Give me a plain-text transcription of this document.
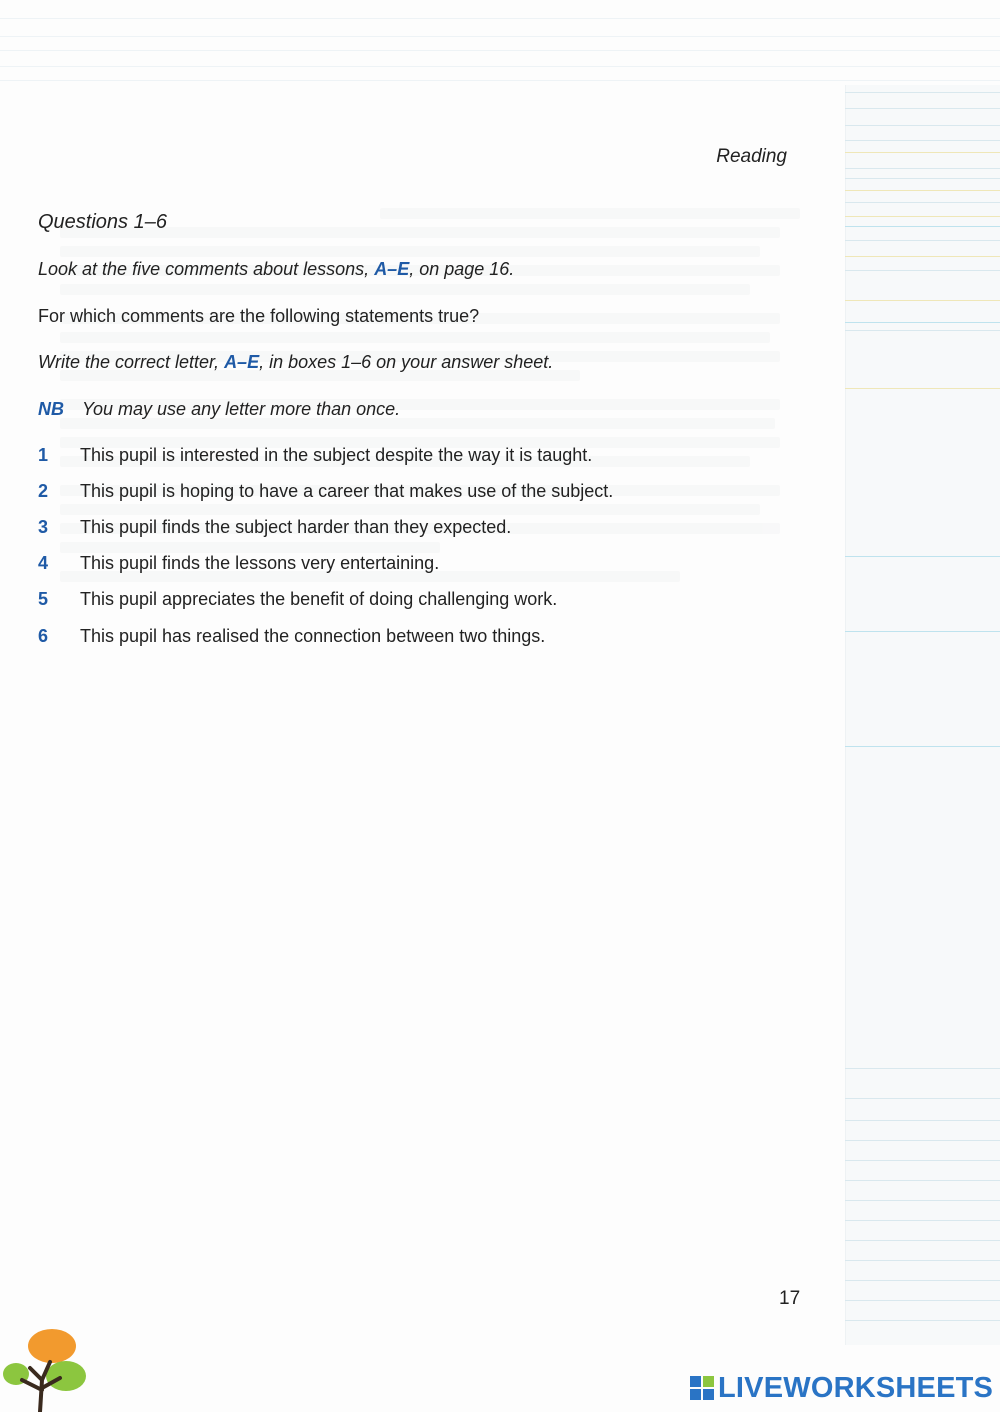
Reading
Questions 1–6
Look at the five comments about lessons, A–E, on page 16.
For which comments are the following statements true?
Write the correct letter, A–E, in boxes 1–6 on your answer sheet.
NB You may use any letter more than once.
1	This pupil is interested in the subject despite the way it is taught.
2	This pupil is hoping to have a career that makes use of the subject.
3	This pupil finds the subject harder than they expected.
4	This pupil finds the lessons very entertaining.
5	This pupil appreciates the benefit of doing challenging work.
6	This pupil has realised the connection between two things.
17
LIVEWORKSHEETS
